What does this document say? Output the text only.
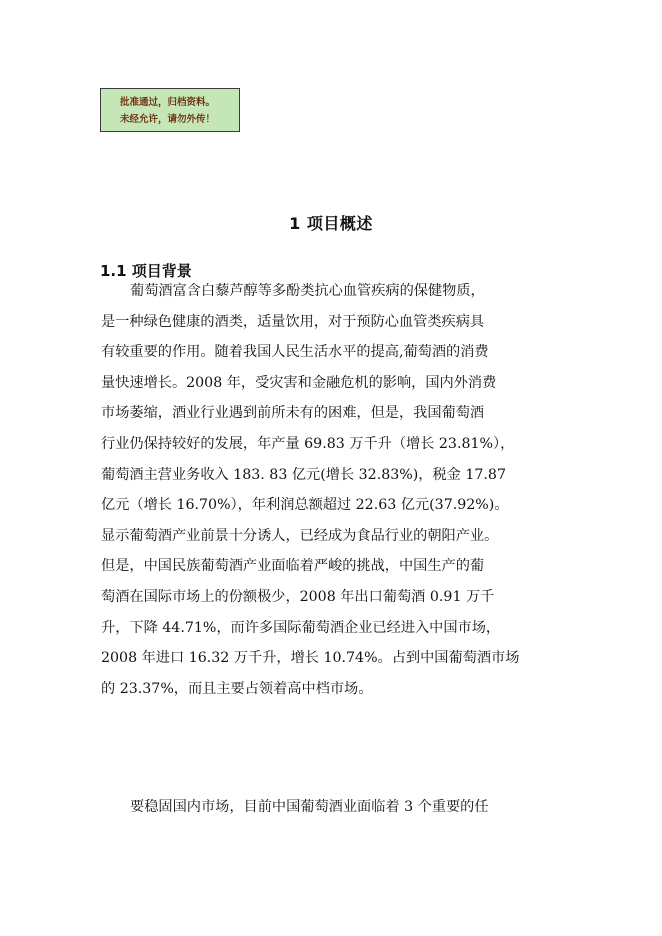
批准通过，归档资料。
未经允许，请勿外传！
1 项目概述
1.1 项目背景
葡萄酒富含白藜芦醇等多酚类抗心血管疾病的保健物质，
是一种绿色健康的酒类，适量饮用，对于预防心血管类疾病具
有较重要的作用。随着我国人民生活水平的提高,葡萄酒的消费
量快速增长。2008 年，受灾害和金融危机的影响，国内外消费
市场萎缩，酒业行业遇到前所未有的困难，但是，我国葡萄酒
行业仍保持较好的发展，年产量 69.83 万千升（增长 23.81%），
葡萄酒主营业务收入 183. 83 亿元(增长 32.83%)，税金 17.87
亿元（增长 16.70%），年利润总额超过 22.63 亿元(37.92%)。
显示葡萄酒产业前景十分诱人，已经成为食品行业的朝阳产业。
但是，中国民族葡萄酒产业面临着严峻的挑战，中国生产的葡
萄酒在国际市场上的份额极少，2008 年出口葡萄酒 0.91 万千
升，下降 44.71%，而许多国际葡萄酒企业已经进入中国市场，
2008 年进口 16.32 万千升，增长 10.74%。占到中国葡萄酒市场
的 23.37%，而且主要占领着高中档市场。
要稳固国内市场，目前中国葡萄酒业面临着 3 个重要的任
